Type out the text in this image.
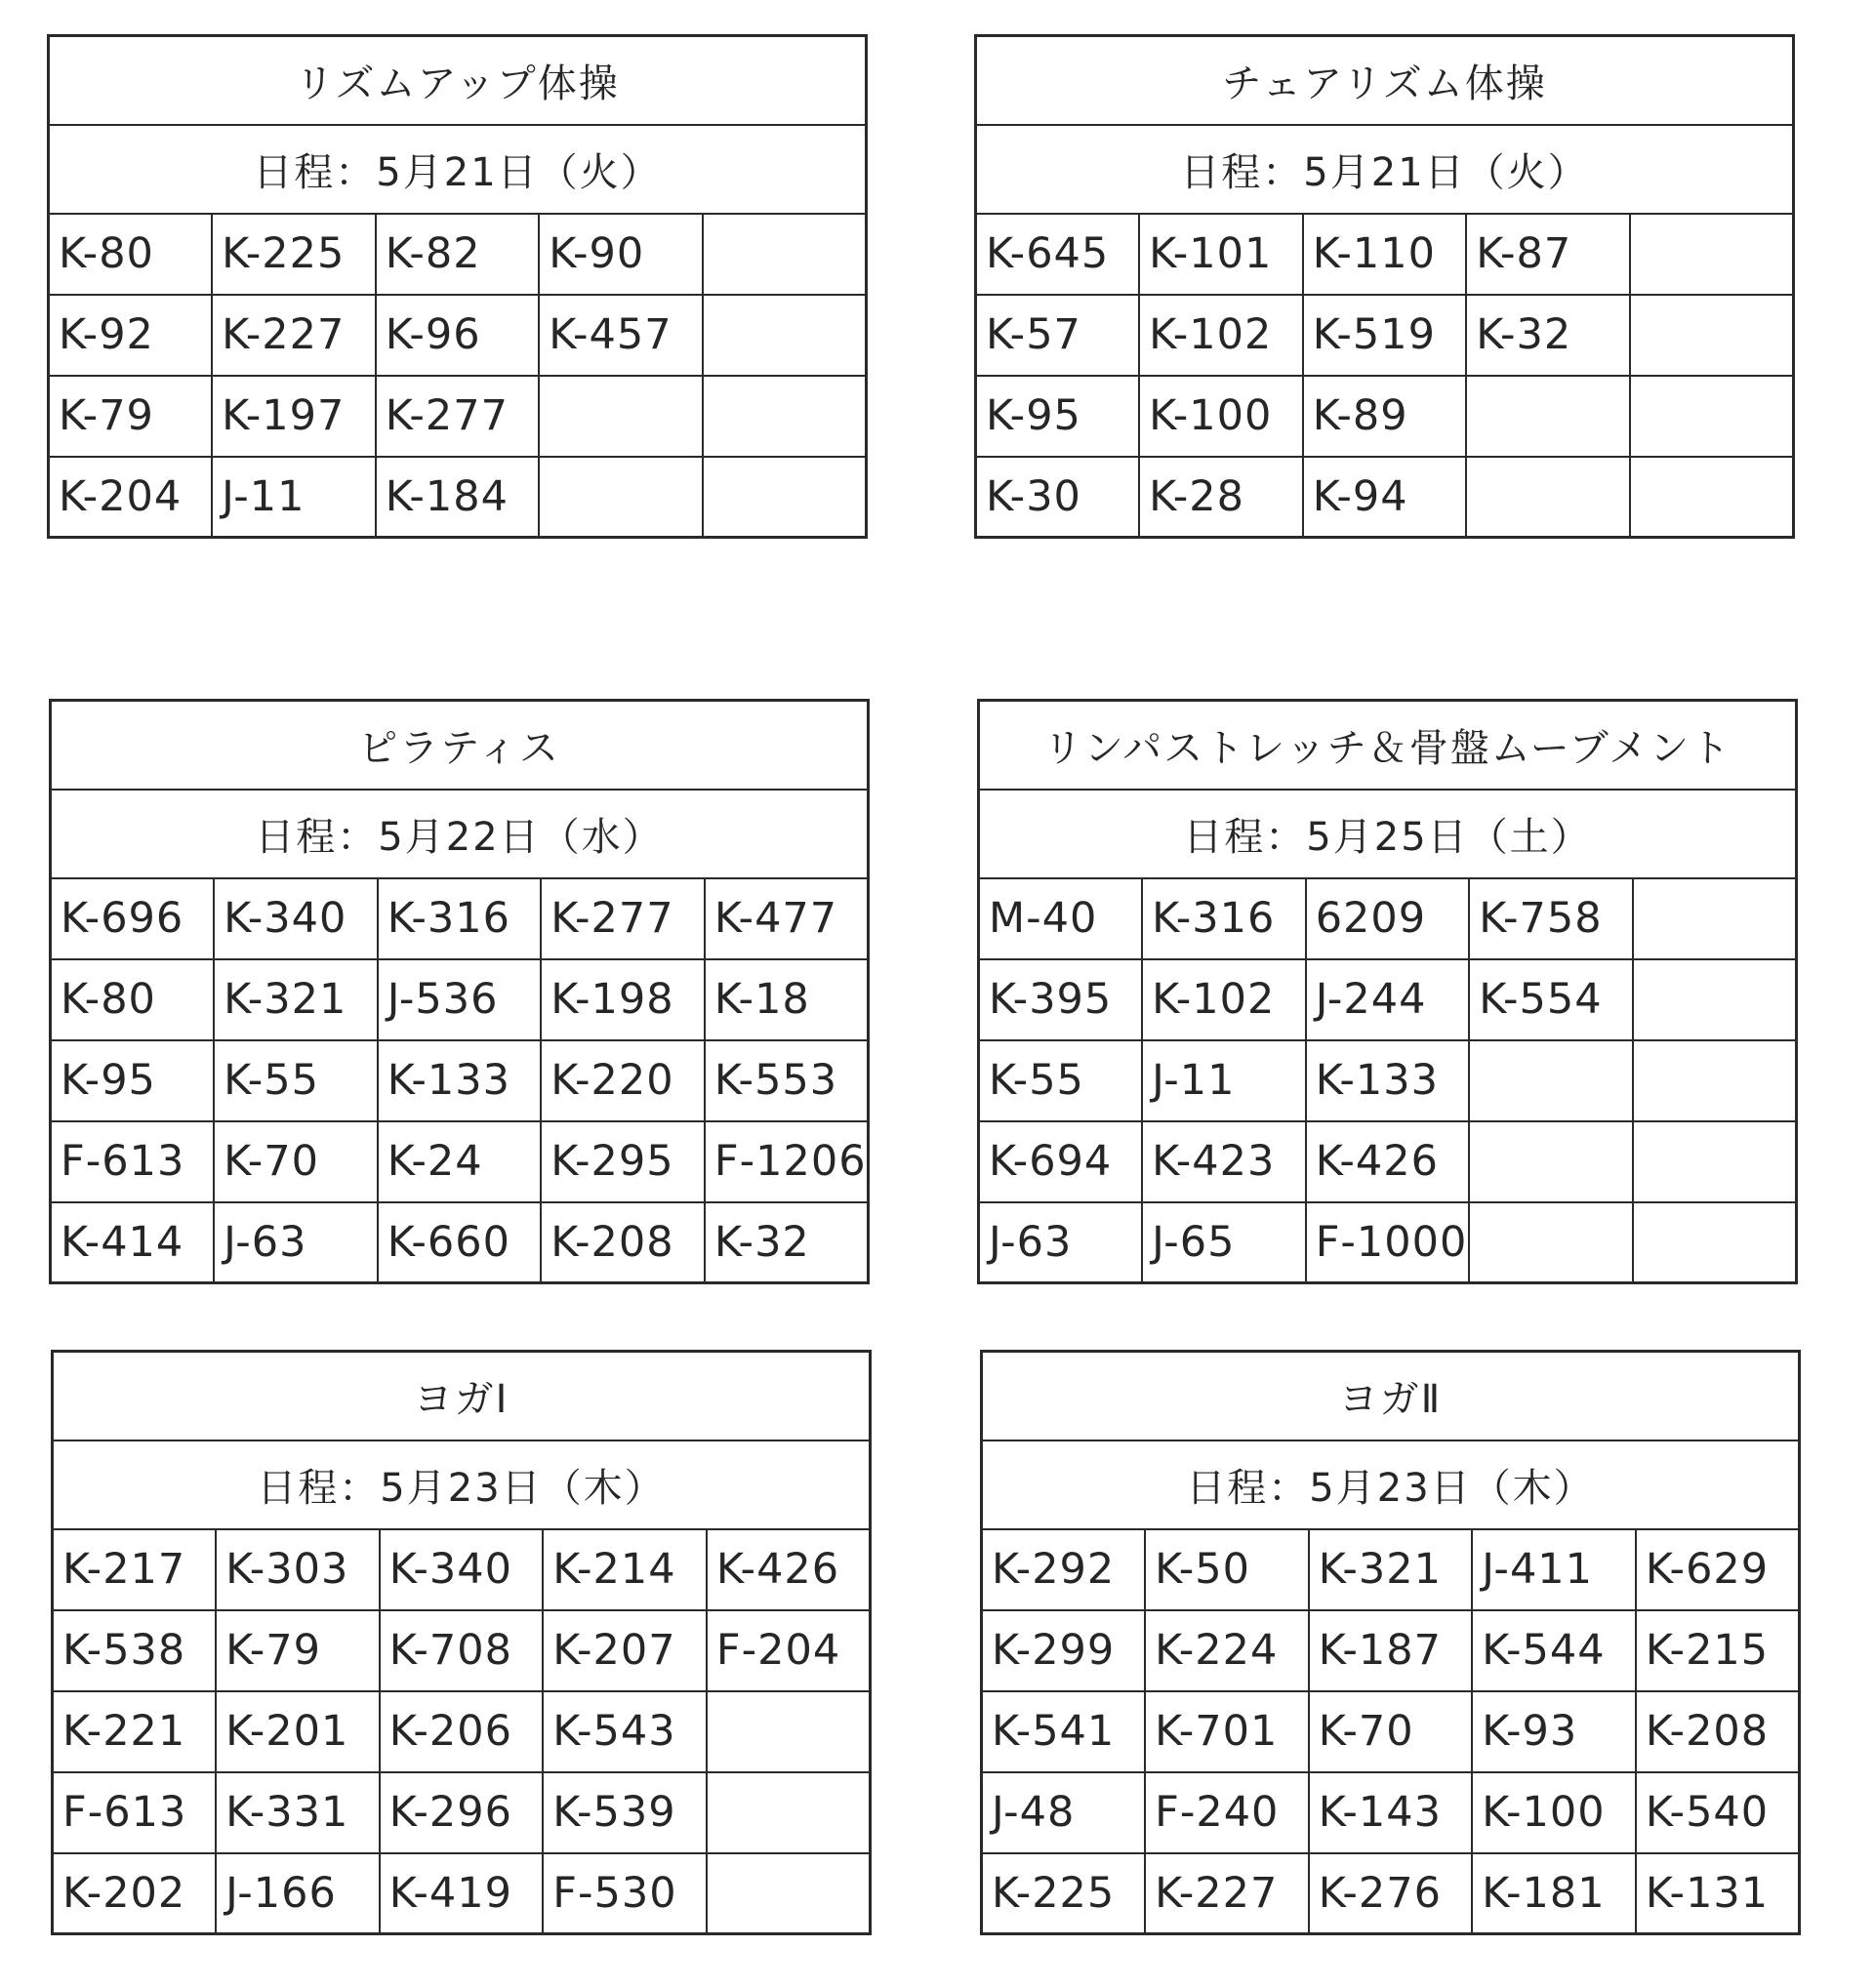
リズムアップ体操				
日程：5月21日（火）				
K-80	K-225	K-82	K-90	
K-92	K-227	K-96	K-457	
K-79	K-197	K-277		
K-204	J-11	K-184		
チェアリズム体操				
日程：5月21日（火）				
K-645	K-101	K-110	K-87	
K-57	K-102	K-519	K-32	
K-95	K-100	K-89		
K-30	K-28	K-94		
ピラティス				
日程：5月22日（水）				
K-696	K-340	K-316	K-277	K-477
K-80	K-321	J-536	K-198	K-18
K-95	K-55	K-133	K-220	K-553
F-613	K-70	K-24	K-295	F-1206
K-414	J-63	K-660	K-208	K-32
リンパストレッチ＆骨盤ムーブメント				
日程：5月25日（土）				
M-40	K-316	6209	K-758	
K-395	K-102	J-244	K-554	
K-55	J-11	K-133		
K-694	K-423	K-426		
J-63	J-65	F-1000		
ヨガⅠ				
日程：5月23日（木）				
K-217	K-303	K-340	K-214	K-426
K-538	K-79	K-708	K-207	F-204
K-221	K-201	K-206	K-543	
F-613	K-331	K-296	K-539	
K-202	J-166	K-419	F-530	
ヨガⅡ				
日程：5月23日（木）				
K-292	K-50	K-321	J-411	K-629
K-299	K-224	K-187	K-544	K-215
K-541	K-701	K-70	K-93	K-208
J-48	F-240	K-143	K-100	K-540
K-225	K-227	K-276	K-181	K-131
